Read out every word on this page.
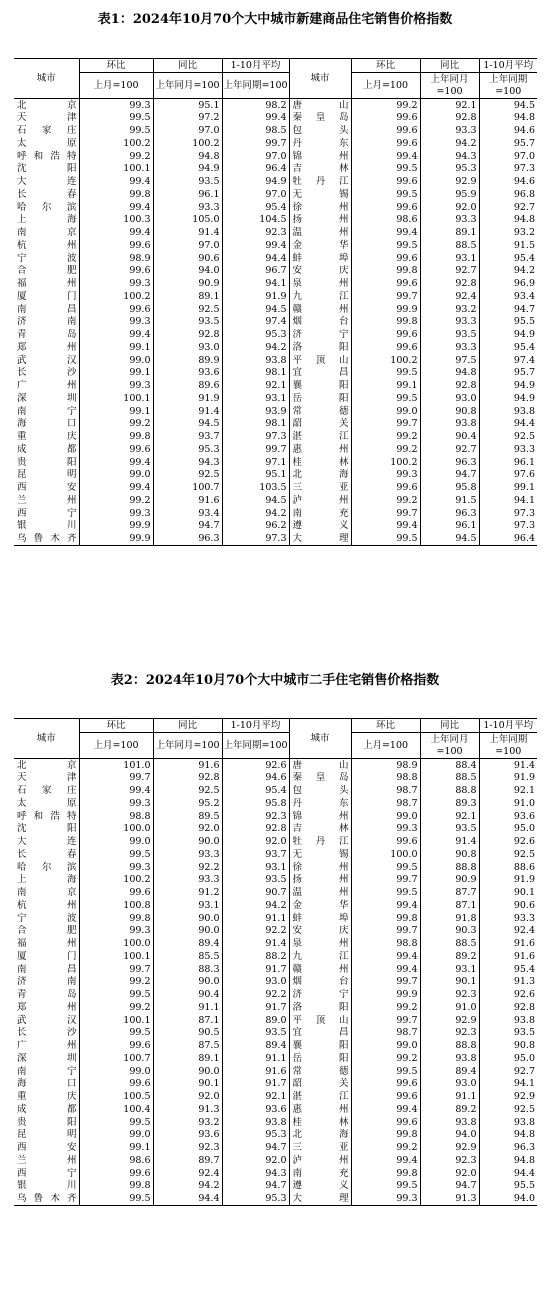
表1：2024年10月70个大中城市新建商品住宅销售价格指数
城市	环比	同比	1-10月平均	城市	环比	同比	1-10月平均
	上月=100	上年同月=100	上年同期=100		上月=100	上年同月=100	上年同期=100
北京	99.3	95.1	98.2	唐山	99.2	92.1	94.5
天津	99.5	97.2	99.4	秦皇岛	99.6	92.8	94.8
石家庄	99.5	97.0	98.5	包头	99.6	93.3	94.6
太原	100.2	100.2	99.7	丹东	99.6	94.2	95.7
呼和浩特	99.2	94.8	97.0	锦州	99.4	94.3	97.0
沈阳	100.1	94.9	96.4	吉林	99.5	95.3	97.3
大连	99.4	93.5	94.9	牡丹江	99.6	92.9	94.6
长春	99.8	96.1	97.0	无锡	99.5	95.9	96.8
哈尔滨	99.4	93.3	95.4	徐州	99.6	92.0	92.7
上海	100.3	105.0	104.5	扬州	98.6	93.3	94.8
南京	99.4	91.4	92.3	温州	99.4	89.1	93.2
杭州	99.6	97.0	99.4	金华	99.5	88.5	91.5
宁波	98.9	90.6	94.4	蚌埠	99.6	93.1	95.4
合肥	99.6	94.0	96.7	安庆	99.8	92.7	94.2
福州	99.3	90.9	94.1	泉州	99.6	92.8	96.9
厦门	100.2	89.1	91.9	九江	99.7	92.4	93.4
南昌	99.6	92.5	94.5	赣州	99.9	93.2	94.7
济南	99.3	93.5	97.4	烟台	99.8	93.3	95.5
青岛	99.4	92.8	95.3	济宁	99.6	93.5	94.9
郑州	99.1	93.0	94.2	洛阳	99.6	93.3	95.4
武汉	99.0	89.9	93.8	平顶山	100.2	97.5	97.4
长沙	99.1	93.6	98.1	宜昌	99.5	94.8	95.7
广州	99.3	89.6	92.1	襄阳	99.1	92.8	94.9
深圳	100.1	91.9	93.1	岳阳	99.5	93.0	94.9
南宁	99.1	91.4	93.9	常德	99.0	90.8	93.8
海口	99.2	94.5	98.1	韶关	99.7	93.8	94.4
重庆	99.8	93.7	97.3	湛江	99.2	90.4	92.5
成都	99.6	95.3	99.7	惠州	99.2	92.7	93.3
贵阳	99.4	94.3	97.1	桂林	100.2	96.3	96.1
昆明	99.0	92.5	95.1	北海	99.3	94.7	97.6
西安	99.4	100.7	103.5	三亚	99.6	95.8	99.1
兰州	99.2	91.6	94.5	泸州	99.2	91.5	94.1
西宁	99.3	93.4	94.2	南充	99.7	96.3	97.3
银川	99.9	94.7	96.2	遵义	99.4	96.1	97.3
乌鲁木齐	99.9	96.3	97.3	大理	99.5	94.5	96.4
表2：2024年10月70个大中城市二手住宅销售价格指数
城市	环比	同比	1-10月平均	城市	环比	同比	1-10月平均
	上月=100	上年同月=100	上年同期=100		上月=100	上年同月=100	上年同期=100
北京	101.0	91.6	92.6	唐山	98.9	88.4	91.4
天津	99.7	92.8	94.6	秦皇岛	98.8	88.5	91.9
石家庄	99.4	92.5	95.4	包头	98.7	88.8	92.1
太原	99.3	95.2	95.8	丹东	98.7	89.3	91.0
呼和浩特	98.8	89.5	92.3	锦州	99.0	92.1	93.6
沈阳	100.0	92.0	92.8	吉林	99.3	93.5	95.0
大连	99.0	90.0	92.0	牡丹江	99.6	91.4	92.6
长春	99.5	93.3	93.7	无锡	100.0	90.8	92.5
哈尔滨	99.3	92.2	93.1	徐州	99.5	88.8	88.6
上海	100.2	93.3	93.5	扬州	99.7	90.9	91.9
南京	99.6	91.2	90.7	温州	99.5	87.7	90.1
杭州	100.8	93.1	94.2	金华	99.4	87.1	90.6
宁波	99.8	90.0	91.1	蚌埠	99.8	91.8	93.3
合肥	99.3	90.0	92.2	安庆	99.7	90.3	92.4
福州	100.0	89.4	91.4	泉州	98.8	88.5	91.6
厦门	100.1	85.5	88.2	九江	99.4	89.2	91.6
南昌	99.7	88.3	91.7	赣州	99.4	93.1	95.4
济南	99.2	90.0	93.0	烟台	99.7	90.1	91.3
青岛	99.5	90.4	92.2	济宁	99.9	92.3	92.6
郑州	99.2	91.1	91.7	洛阳	99.2	91.0	92.8
武汉	100.1	87.1	89.0	平顶山	99.7	92.9	93.8
长沙	99.5	90.5	93.5	宜昌	98.7	92.3	93.5
广州	99.6	87.5	89.4	襄阳	99.0	88.8	90.8
深圳	100.7	89.1	91.1	岳阳	99.2	93.8	95.0
南宁	99.0	90.0	91.6	常德	99.5	89.4	92.7
海口	99.6	90.1	91.7	韶关	99.6	93.0	94.1
重庆	100.5	92.0	92.1	湛江	99.6	91.1	92.9
成都	100.4	91.3	93.6	惠州	99.4	89.2	92.5
贵阳	99.5	93.2	93.8	桂林	99.6	93.8	93.8
昆明	99.0	93.6	95.3	北海	99.8	94.0	94.8
西安	99.1	92.3	94.7	三亚	99.2	92.9	96.3
兰州	98.6	89.7	92.0	泸州	99.4	92.3	94.8
西宁	99.6	92.4	94.3	南充	99.8	92.0	94.4
银川	99.8	94.2	94.7	遵义	99.5	94.7	95.5
乌鲁木齐	99.5	94.4	95.3	大理	99.3	91.3	94.0
